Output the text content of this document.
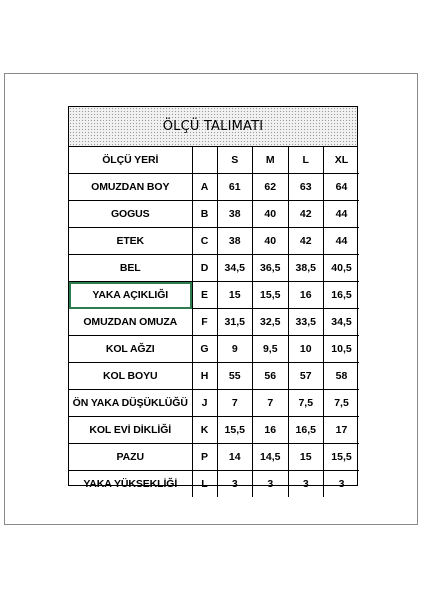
ÖLÇÜ TALIMATI
ÖLÇÜ YERİ		S	M	L	XL
OMUZDAN BOY	A	61	62	63	64
GOGUS	B	38	40	42	44
ETEK	C	38	40	42	44
BEL	D	34,5	36,5	38,5	40,5
YAKA AÇIKLIĞI	E	15	15,5	16	16,5
OMUZDAN OMUZA	F	31,5	32,5	33,5	34,5
KOL AĞZI	G	9	9,5	10	10,5
KOL BOYU	H	55	56	57	58
ÖN YAKA DÜŞÜKLÜĞÜ	J	7	7	7,5	7,5
KOL EVİ DİKLİĞİ	K	15,5	16	16,5	17
PAZU	P	14	14,5	15	15,5
YAKA YÜKSEKLİĞİ	L	3	3	3	3
